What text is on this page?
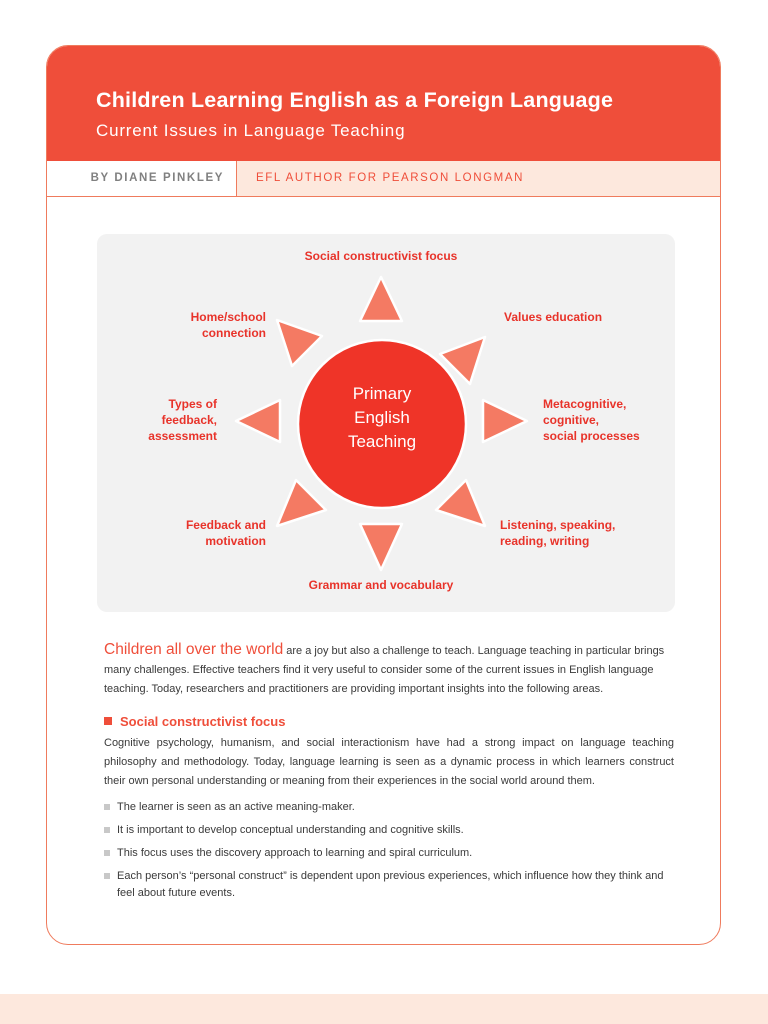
Children Learning English as a Foreign Language
Current Issues in Language Teaching
BY DIANE PINKLEY	EFL AUTHOR FOR PEARSON LONGMAN
Primary
English
Teaching
Social constructivist focus
Values education
Metacognitive,
cognitive,
social processes
Listening, speaking,
reading, writing
Grammar and vocabulary
Feedback and
motivation
Types of
feedback,
assessment
Home/school
connection

Children all over the world are a joy but also a challenge to teach. Language teaching in particular brings many challenges. Effective teachers find it very useful to consider some of the current issues in English language teaching. Today, researchers and practitioners are providing important insights into the following areas.

Social constructivist focus

Cognitive psychology, humanism, and social interactionism have had a strong impact on language teaching philosophy and methodology. Today, language learning is seen as a dynamic process in which learners construct their own personal understanding or meaning from their experiences in the social world around them.

The learner is seen as an active meaning-maker.
It is important to develop conceptual understanding and cognitive skills.
This focus uses the discovery approach to learning and spiral curriculum.
Each person’s “personal construct” is dependent upon previous experiences, which influence how they think and feel about future events.
